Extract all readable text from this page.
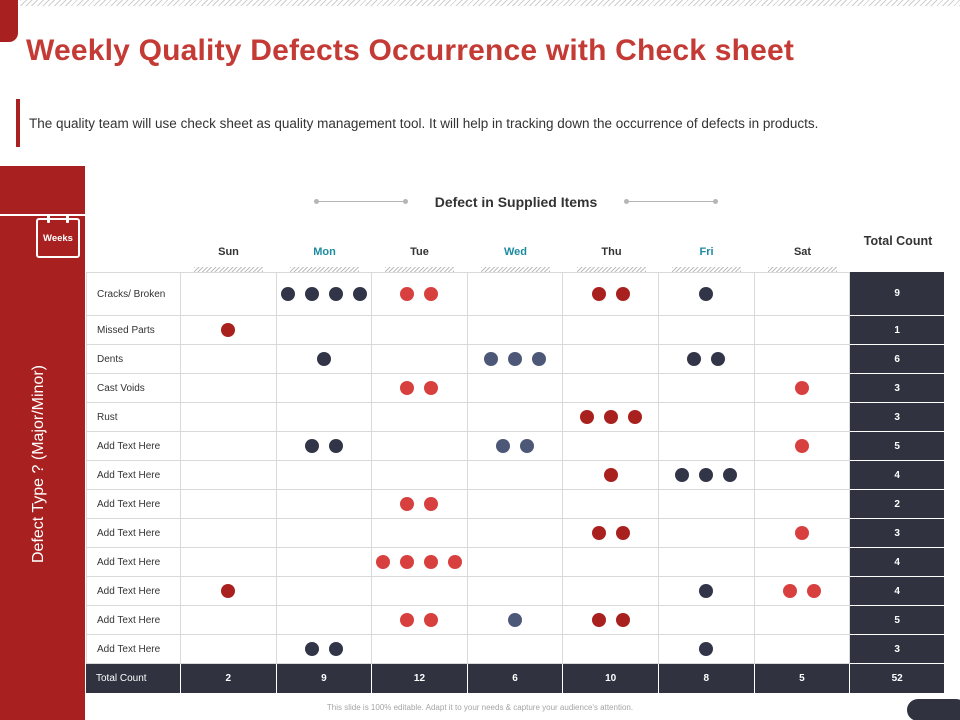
Weekly Quality Defects Occurrence with Check sheet

The quality team will use check sheet as quality management tool. It will help in tracking down the occurrence of defects in products.

Weeks
Defect Type ? (Major/Minor)
Defect in Supplied Items
Sun	Mon	Tue	Wed	Thu	Fri	Sat
Total Count
Cracks/ Broken	9
Missed Parts	1
Dents	6
Cast Voids	3
Rust	3
Add Text Here	5
Add Text Here	4
Add Text Here	2
Add Text Here	3
Add Text Here	4
Add Text Here	4
Add Text Here	5
Add Text Here	3
Total Count	2	9	12	6	10	8	5	52
This slide is 100% editable. Adapt it to your needs & capture your audience's attention.
